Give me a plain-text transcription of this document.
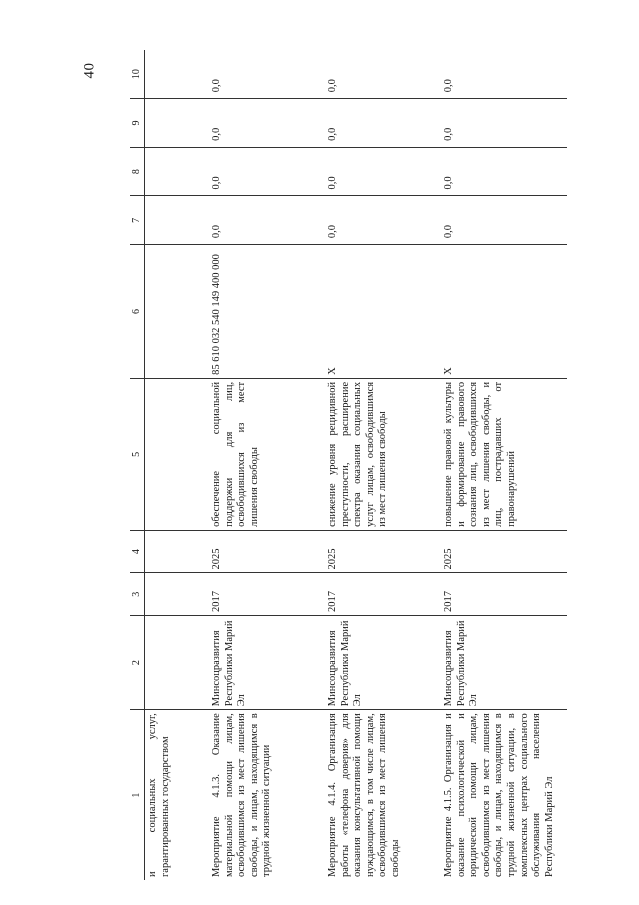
40
1	2	3	4	5	6	7	8	9	10
и социальных услуг, гарантированных государством									
Мероприятие 4.1.3. Оказание материальной помощи лицам, освободившимся из мест лишения свободы, и лицам, находящимся в трудной жизненной ситуации	Минсоцразвития Республики Марий Эл	2017	2025	обеспечение социальной поддержки для лиц, освободившихся из мест лишения свободы	85 610 032 540 149 400 000	0,0	0,0	0,0	0,0
Мероприятие 4.1.4. Организация работы «телефона доверия» для оказания консультативной помощи нуждающимся, в том числе лицам, освободившимся из мест лишения свободы	Минсоцразвития Республики Марий Эл	2017	2025	снижение уровня рецидивной преступности, расширение спектра оказания социальных услуг лицам, освободившимся из мест лишения свободы	Х	0,0	0,0	0,0	0,0
Мероприятие 4.1.5. Организация и оказание психологической и юридической помощи лицам, освободившимся из мест лишения свободы, и лицам, находящимся в трудной жизненной ситуации, в комплексных центрах социального обслуживания населения Республики Марий Эл	Минсоцразвития Республики Марий Эл	2017	2025	повышение правовой культуры и формирование правового сознания лиц, освободившихся из мест лишения свободы, и лиц, пострадавших от правонарушений	Х	0,0	0,0	0,0	0,0
